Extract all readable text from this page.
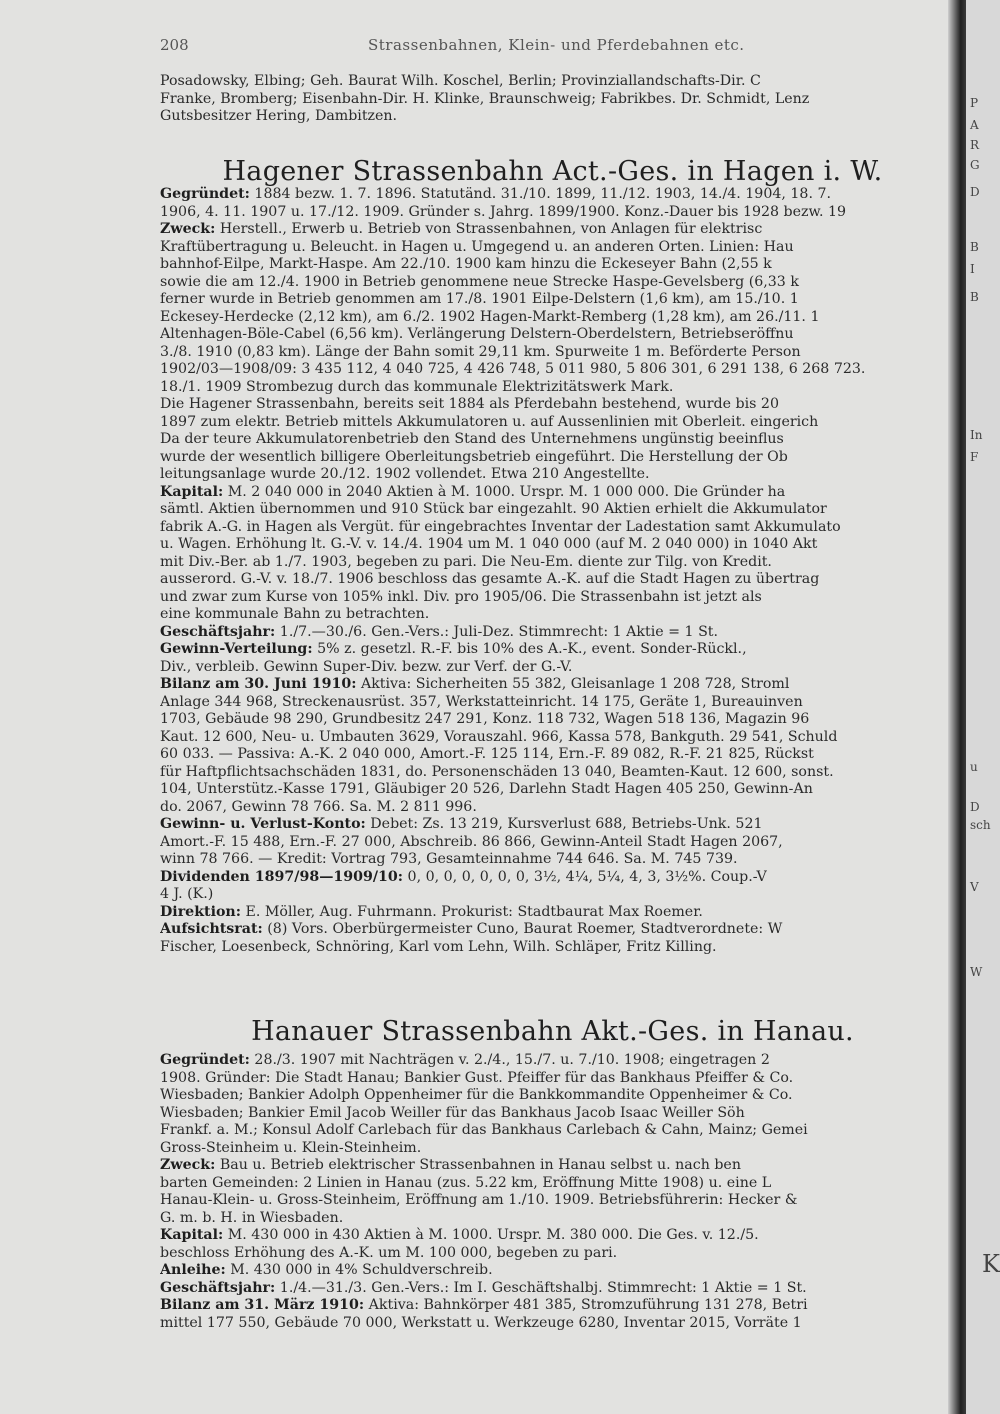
P
A
R
G
D
B
I
B
In
F
u
D
sch
V
W
K
208	Strassenbahnen, Klein- und Pferdebahnen etc.
Posadowsky, Elbing; Geh. Baurat Wilh. Koschel, Berlin; Provinziallandschafts-Dir. C
Franke, Bromberg; Eisenbahn-Dir. H. Klinke, Braunschweig; Fabrikbes. Dr. Schmidt, Lenz
Gutsbesitzer Hering, Dambitzen.
Hagener Strassenbahn Act.-Ges. in Hagen i. W.
Gegründet: 1884 bezw. 1. 7. 1896. Statutänd. 31./10. 1899, 11./12. 1903, 14./4. 1904, 18. 7.
1906, 4. 11. 1907 u. 17./12. 1909. Gründer s. Jahrg. 1899/1900. Konz.-Dauer bis 1928 bezw. 19
Zweck: Herstell., Erwerb u. Betrieb von Strassenbahnen, von Anlagen für elektrisc
Kraftübertragung u. Beleucht. in Hagen u. Umgegend u. an anderen Orten. Linien: Hau
bahnhof-Eilpe, Markt-Haspe. Am 22./10. 1900 kam hinzu die Eckeseyer Bahn (2,55 k
sowie die am 12./4. 1900 in Betrieb genommene neue Strecke Haspe-Gevelsberg (6,33 k
ferner wurde in Betrieb genommen am 17./8. 1901 Eilpe-Delstern (1,6 km), am 15./10. 1
Eckesey-Herdecke (2,12 km), am 6./2. 1902 Hagen-Markt-Remberg (1,28 km), am 26./11. 1
Altenhagen-Böle-Cabel (6,56 km). Verlängerung Delstern-Oberdelstern, Betriebseröffnu
3./8. 1910 (0,83 km). Länge der Bahn somit 29,11 km. Spurweite 1 m. Beförderte Person
1902/03—1908/09: 3 435 112, 4 040 725, 4 426 748, 5 011 980, 5 806 301, 6 291 138, 6 268 723.
18./1. 1909 Strombezug durch das kommunale Elektrizitätswerk Mark.
Die Hagener Strassenbahn, bereits seit 1884 als Pferdebahn bestehend, wurde bis 20
1897 zum elektr. Betrieb mittels Akkumulatoren u. auf Aussenlinien mit Oberleit. eingerich
Da der teure Akkumulatorenbetrieb den Stand des Unternehmens ungünstig beeinflus
wurde der wesentlich billigere Oberleitungsbetrieb eingeführt. Die Herstellung der Ob
leitungsanlage wurde 20./12. 1902 vollendet. Etwa 210 Angestellte.
Kapital: M. 2 040 000 in 2040 Aktien à M. 1000. Urspr. M. 1 000 000. Die Gründer ha
sämtl. Aktien übernommen und 910 Stück bar eingezahlt. 90 Aktien erhielt die Akkumulator
fabrik A.-G. in Hagen als Vergüt. für eingebrachtes Inventar der Ladestation samt Akkumulato
u. Wagen. Erhöhung lt. G.-V. v. 14./4. 1904 um M. 1 040 000 (auf M. 2 040 000) in 1040 Akt
mit Div.-Ber. ab 1./7. 1903, begeben zu pari. Die Neu-Em. diente zur Tilg. von Kredit.
ausserord. G.-V. v. 18./7. 1906 beschloss das gesamte A.-K. auf die Stadt Hagen zu übertrag
und zwar zum Kurse von 105% inkl. Div. pro 1905/06. Die Strassenbahn ist jetzt als
eine kommunale Bahn zu betrachten.
Geschäftsjahr: 1./7.—30./6. Gen.-Vers.: Juli-Dez. Stimmrecht: 1 Aktie = 1 St.
Gewinn-Verteilung: 5% z. gesetzl. R.-F. bis 10% des A.-K., event. Sonder-Rückl.,
Div., verbleib. Gewinn Super-Div. bezw. zur Verf. der G.-V.
Bilanz am 30. Juni 1910: Aktiva: Sicherheiten 55 382, Gleisanlage 1 208 728, Stroml
Anlage 344 968, Streckenausrüst. 357, Werkstatteinricht. 14 175, Geräte 1, Bureauinven
1703, Gebäude 98 290, Grundbesitz 247 291, Konz. 118 732, Wagen 518 136, Magazin 96
Kaut. 12 600, Neu- u. Umbauten 3629, Vorauszahl. 966, Kassa 578, Bankguth. 29 541, Schuld
60 033. — Passiva: A.-K. 2 040 000, Amort.-F. 125 114, Ern.-F. 89 082, R.-F. 21 825, Rückst
für Haftpflichtsachschäden 1831, do. Personenschäden 13 040, Beamten-Kaut. 12 600, sonst.
104, Unterstütz.-Kasse 1791, Gläubiger 20 526, Darlehn Stadt Hagen 405 250, Gewinn-An
do. 2067, Gewinn 78 766. Sa. M. 2 811 996.
Gewinn- u. Verlust-Konto: Debet: Zs. 13 219, Kursverlust 688, Betriebs-Unk. 521
Amort.-F. 15 488, Ern.-F. 27 000, Abschreib. 86 866, Gewinn-Anteil Stadt Hagen 2067,
winn 78 766. — Kredit: Vortrag 793, Gesamteinnahme 744 646. Sa. M. 745 739.
Dividenden 1897/98—1909/10: 0, 0, 0, 0, 0, 0, 0, 3½, 4¼, 5¼, 4, 3, 3½%. Coup.-V
4 J. (K.)
Direktion: E. Möller, Aug. Fuhrmann. Prokurist: Stadtbaurat Max Roemer.
Aufsichtsrat: (8) Vors. Oberbürgermeister Cuno, Baurat Roemer, Stadtverordnete: W
Fischer, Loesenbeck, Schnöring, Karl vom Lehn, Wilh. Schläper, Fritz Killing.
Hanauer Strassenbahn Akt.-Ges. in Hanau.
Gegründet: 28./3. 1907 mit Nachträgen v. 2./4., 15./7. u. 7./10. 1908; eingetragen 2
1908. Gründer: Die Stadt Hanau; Bankier Gust. Pfeiffer für das Bankhaus Pfeiffer & Co.
Wiesbaden; Bankier Adolph Oppenheimer für die Bankkommandite Oppenheimer & Co.
Wiesbaden; Bankier Emil Jacob Weiller für das Bankhaus Jacob Isaac Weiller Söh
Frankf. a. M.; Konsul Adolf Carlebach für das Bankhaus Carlebach & Cahn, Mainz; Gemei
Gross-Steinheim u. Klein-Steinheim.
Zweck: Bau u. Betrieb elektrischer Strassenbahnen in Hanau selbst u. nach ben
barten Gemeinden: 2 Linien in Hanau (zus. 5.22 km, Eröffnung Mitte 1908) u. eine L
Hanau-Klein- u. Gross-Steinheim, Eröffnung am 1./10. 1909. Betriebsführerin: Hecker &
G. m. b. H. in Wiesbaden.
Kapital: M. 430 000 in 430 Aktien à M. 1000. Urspr. M. 380 000. Die Ges. v. 12./5.
beschloss Erhöhung des A.-K. um M. 100 000, begeben zu pari.
Anleihe: M. 430 000 in 4% Schuldverschreib.
Geschäftsjahr: 1./4.—31./3. Gen.-Vers.: Im I. Geschäftshalbj. Stimmrecht: 1 Aktie = 1 St.
Bilanz am 31. März 1910: Aktiva: Bahnkörper 481 385, Stromzuführung 131 278, Betri
mittel 177 550, Gebäude 70 000, Werkstatt u. Werkzeuge 6280, Inventar 2015, Vorräte 1
